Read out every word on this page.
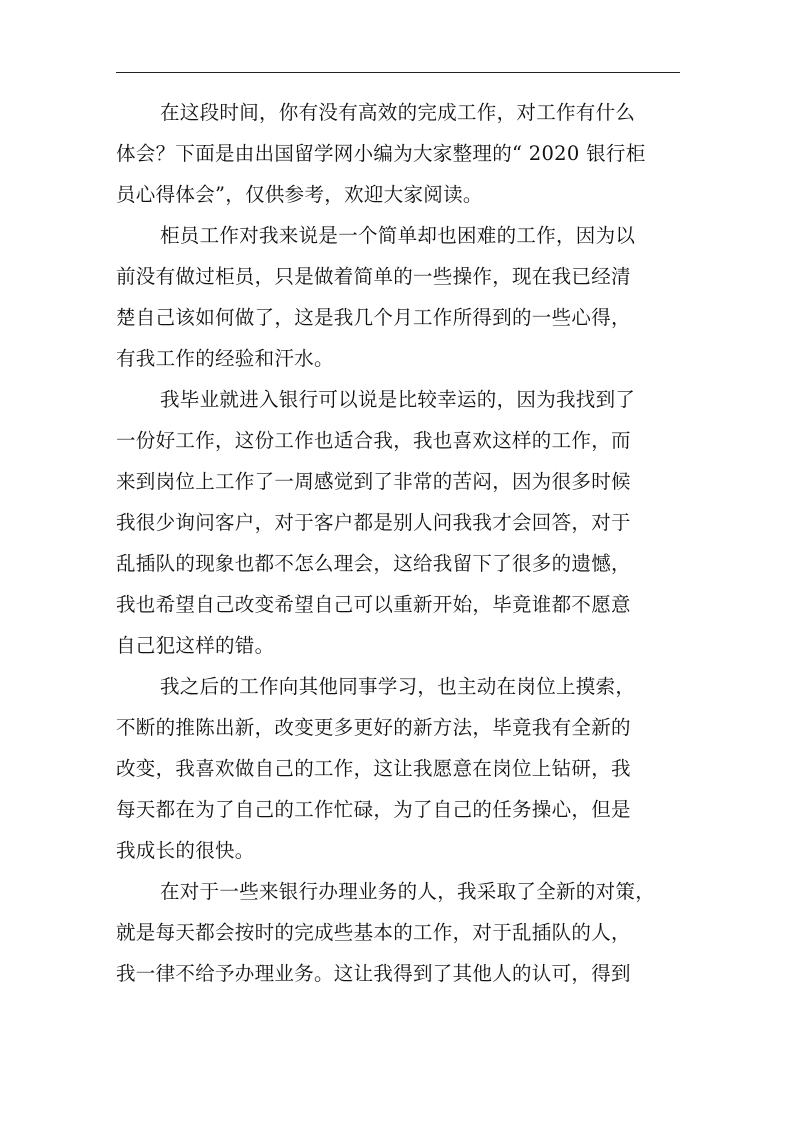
在这段时间，你有没有高效的完成工作，对工作有什么
体会？下面是由出国留学网小编为大家整理的“ 2020 银行柜
员心得体会”，仅供参考，欢迎大家阅读。
柜员工作对我来说是一个简单却也困难的工作，因为以
前没有做过柜员，只是做着简单的一些操作，现在我已经清
楚自己该如何做了，这是我几个月工作所得到的一些心得，
有我工作的经验和汗水。
我毕业就进入银行可以说是比较幸运的，因为我找到了
一份好工作，这份工作也适合我，我也喜欢这样的工作，而
来到岗位上工作了一周感觉到了非常的苦闷，因为很多时候
我很少询问客户，对于客户都是别人问我我才会回答，对于
乱插队的现象也都不怎么理会，这给我留下了很多的遗憾，
我也希望自己改变希望自己可以重新开始，毕竟谁都不愿意
自己犯这样的错。
我之后的工作向其他同事学习，也主动在岗位上摸索，
不断的推陈出新，改变更多更好的新方法，毕竟我有全新的
改变，我喜欢做自己的工作，这让我愿意在岗位上钻研，我
每天都在为了自己的工作忙碌，为了自己的任务操心，但是
我成长的很快。
在对于一些来银行办理业务的人，我采取了全新的对策，
就是每天都会按时的完成些基本的工作，对于乱插队的人，
我一律不给予办理业务。这让我得到了其他人的认可，得到
